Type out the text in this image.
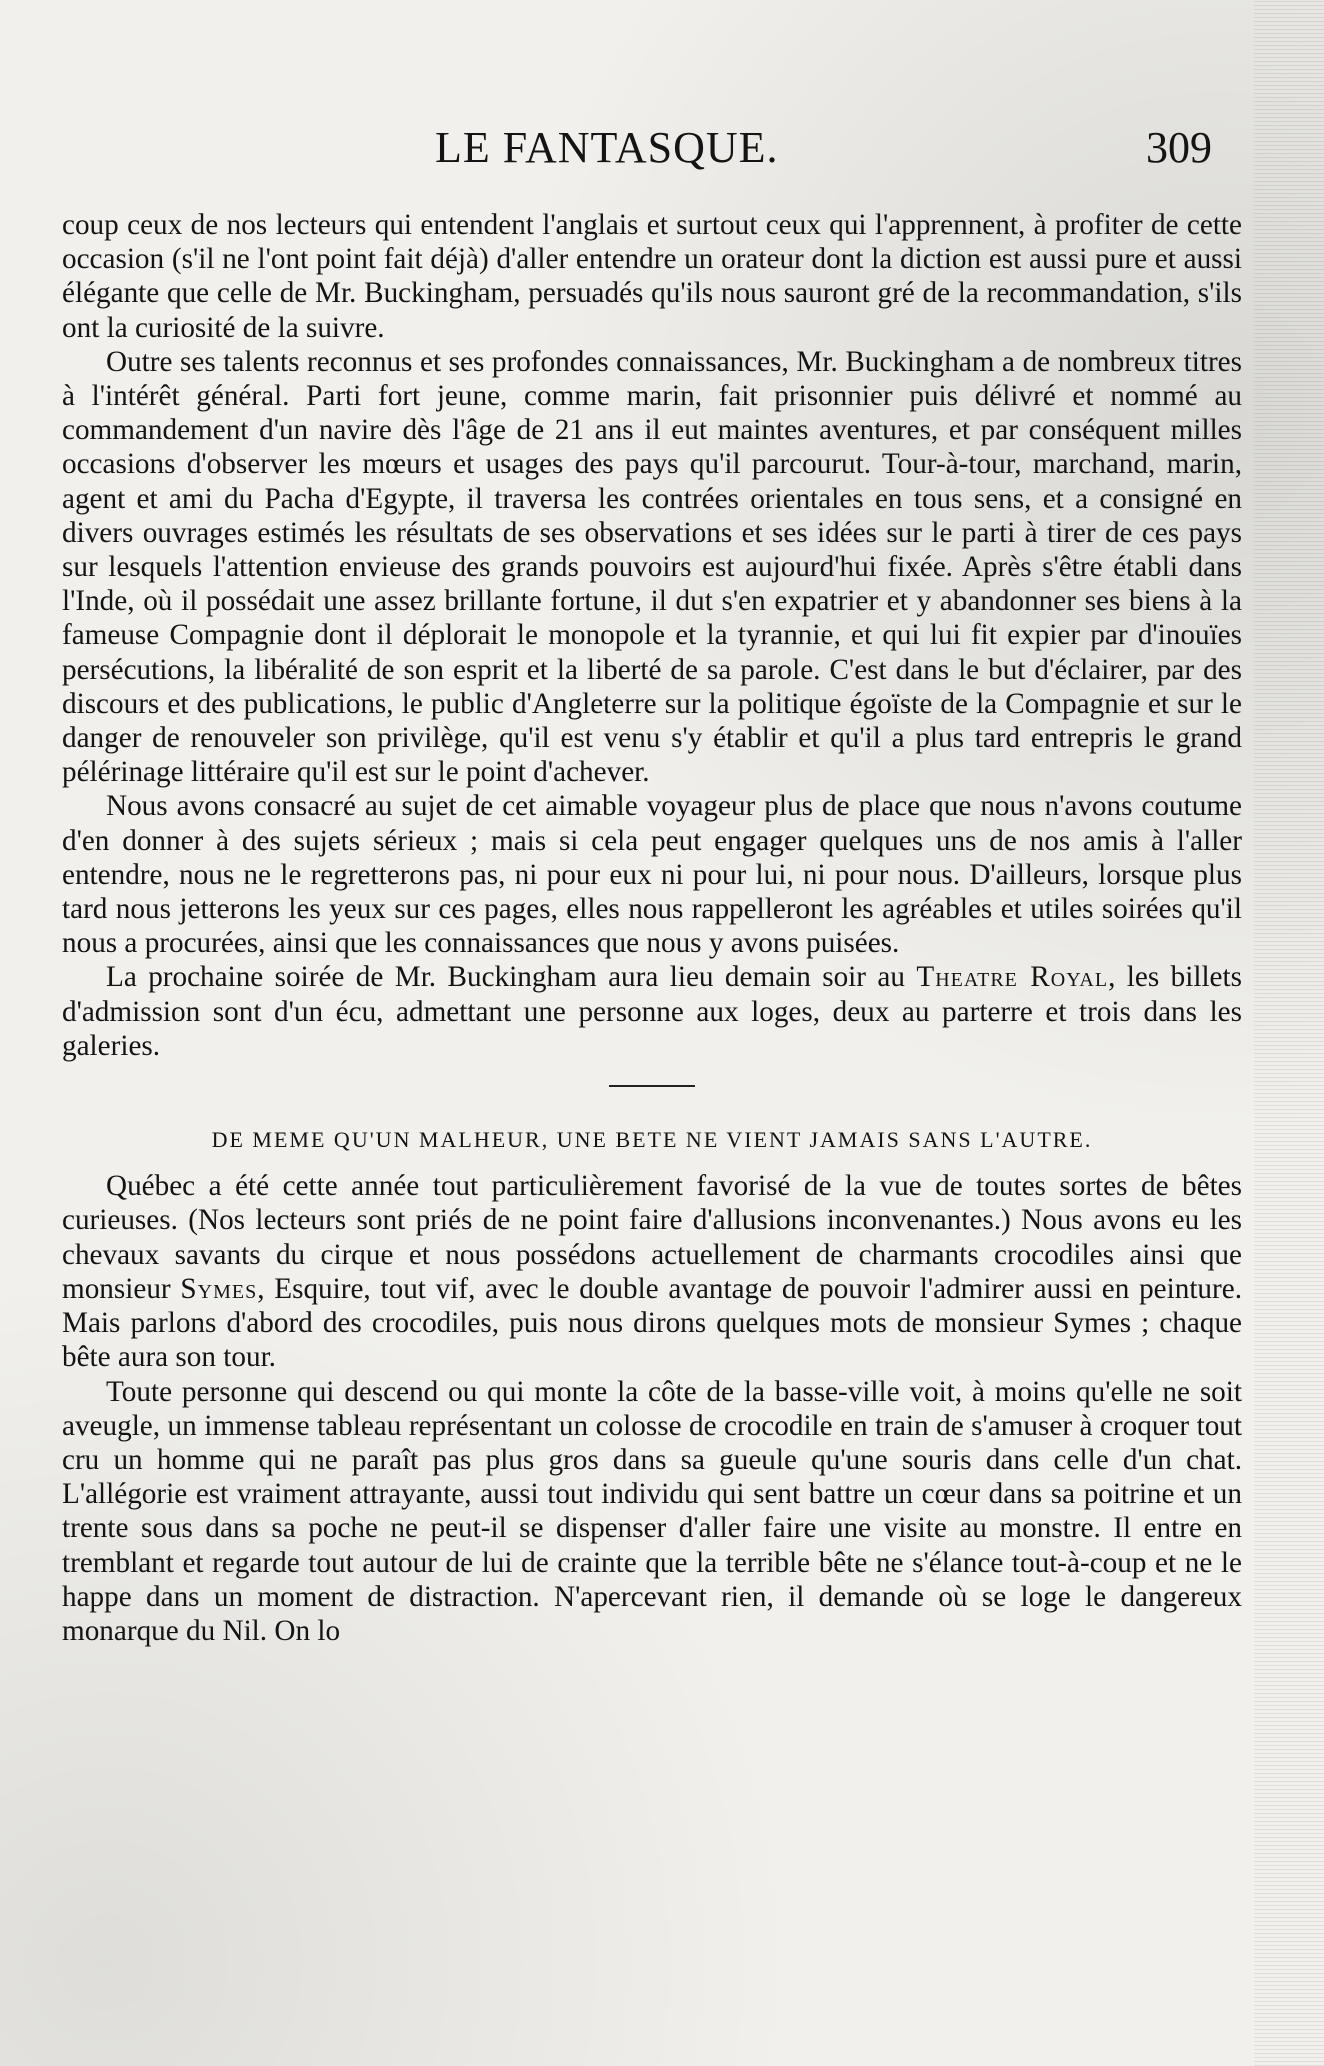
LE FANTASQUE.	309

coup ceux de nos lecteurs qui entendent l'anglais et surtout ceux qui l'apprennent, à profiter de cette occasion (s'il ne l'ont point fait déjà) d'aller entendre un orateur dont la diction est aussi pure et aussi élégante que celle de Mr. Buckingham, persuadés qu'ils nous sauront gré de la recommandation, s'ils ont la curiosité de la suivre.

Outre ses talents reconnus et ses profondes connaissances, Mr. Buckingham a de nombreux titres à l'intérêt général. Parti fort jeune, comme marin, fait prisonnier puis délivré et nommé au commandement d'un navire dès l'âge de 21 ans il eut maintes aventures, et par conséquent milles occasions d'observer les mœurs et usages des pays qu'il parcourut. Tour-à-tour, marchand, marin, agent et ami du Pacha d'Egypte, il traversa les contrées orientales en tous sens, et a consigné en divers ouvrages estimés les résultats de ses observations et ses idées sur le parti à tirer de ces pays sur lesquels l'attention envieuse des grands pouvoirs est aujourd'hui fixée. Après s'être établi dans l'Inde, où il possédait une assez brillante fortune, il dut s'en expatrier et y abandonner ses biens à la fameuse Compagnie dont il déplorait le monopole et la tyrannie, et qui lui fit expier par d'inouïes persécutions, la libéralité de son esprit et la liberté de sa parole. C'est dans le but d'éclairer, par des discours et des publications, le public d'Angleterre sur la politique égoïste de la Compagnie et sur le danger de renouveler son privilège, qu'il est venu s'y établir et qu'il a plus tard entrepris le grand pélérinage littéraire qu'il est sur le point d'achever.

Nous avons consacré au sujet de cet aimable voyageur plus de place que nous n'avons coutume d'en donner à des sujets sérieux ; mais si cela peut engager quelques uns de nos amis à l'aller entendre, nous ne le regretterons pas, ni pour eux ni pour lui, ni pour nous. D'ailleurs, lorsque plus tard nous jetterons les yeux sur ces pages, elles nous rappelleront les agréables et utiles soirées qu'il nous a procurées, ainsi que les connaissances que nous y avons puisées.

La prochaine soirée de Mr. Buckingham aura lieu demain soir au Theatre Royal, les billets d'admission sont d'un écu, admettant une personne aux loges, deux au parterre et trois dans les galeries.

DE MEME QU'UN MALHEUR, UNE BETE NE VIENT JAMAIS SANS L'AUTRE.

Québec a été cette année tout particulièrement favorisé de la vue de toutes sortes de bêtes curieuses. (Nos lecteurs sont priés de ne point faire d'allusions inconvenantes.) Nous avons eu les chevaux savants du cirque et nous possédons actuellement de charmants crocodiles ainsi que monsieur Symes, Esquire, tout vif, avec le double avantage de pouvoir l'admirer aussi en peinture. Mais parlons d'abord des crocodiles, puis nous dirons quelques mots de monsieur Symes ; chaque bête aura son tour.

Toute personne qui descend ou qui monte la côte de la basse-ville voit, à moins qu'elle ne soit aveugle, un immense tableau représentant un colosse de crocodile en train de s'amuser à croquer tout cru un homme qui ne paraît pas plus gros dans sa gueule qu'une souris dans celle d'un chat. L'allégorie est vraiment attrayante, aussi tout individu qui sent battre un cœur dans sa poitrine et un trente sous dans sa poche ne peut-il se dispenser d'aller faire une visite au monstre. Il entre en tremblant et regarde tout autour de lui de crainte que la terrible bête ne s'élance tout-à-coup et ne le happe dans un moment de distraction. N'apercevant rien, il demande où se loge le dangereux monarque du Nil. On lo
